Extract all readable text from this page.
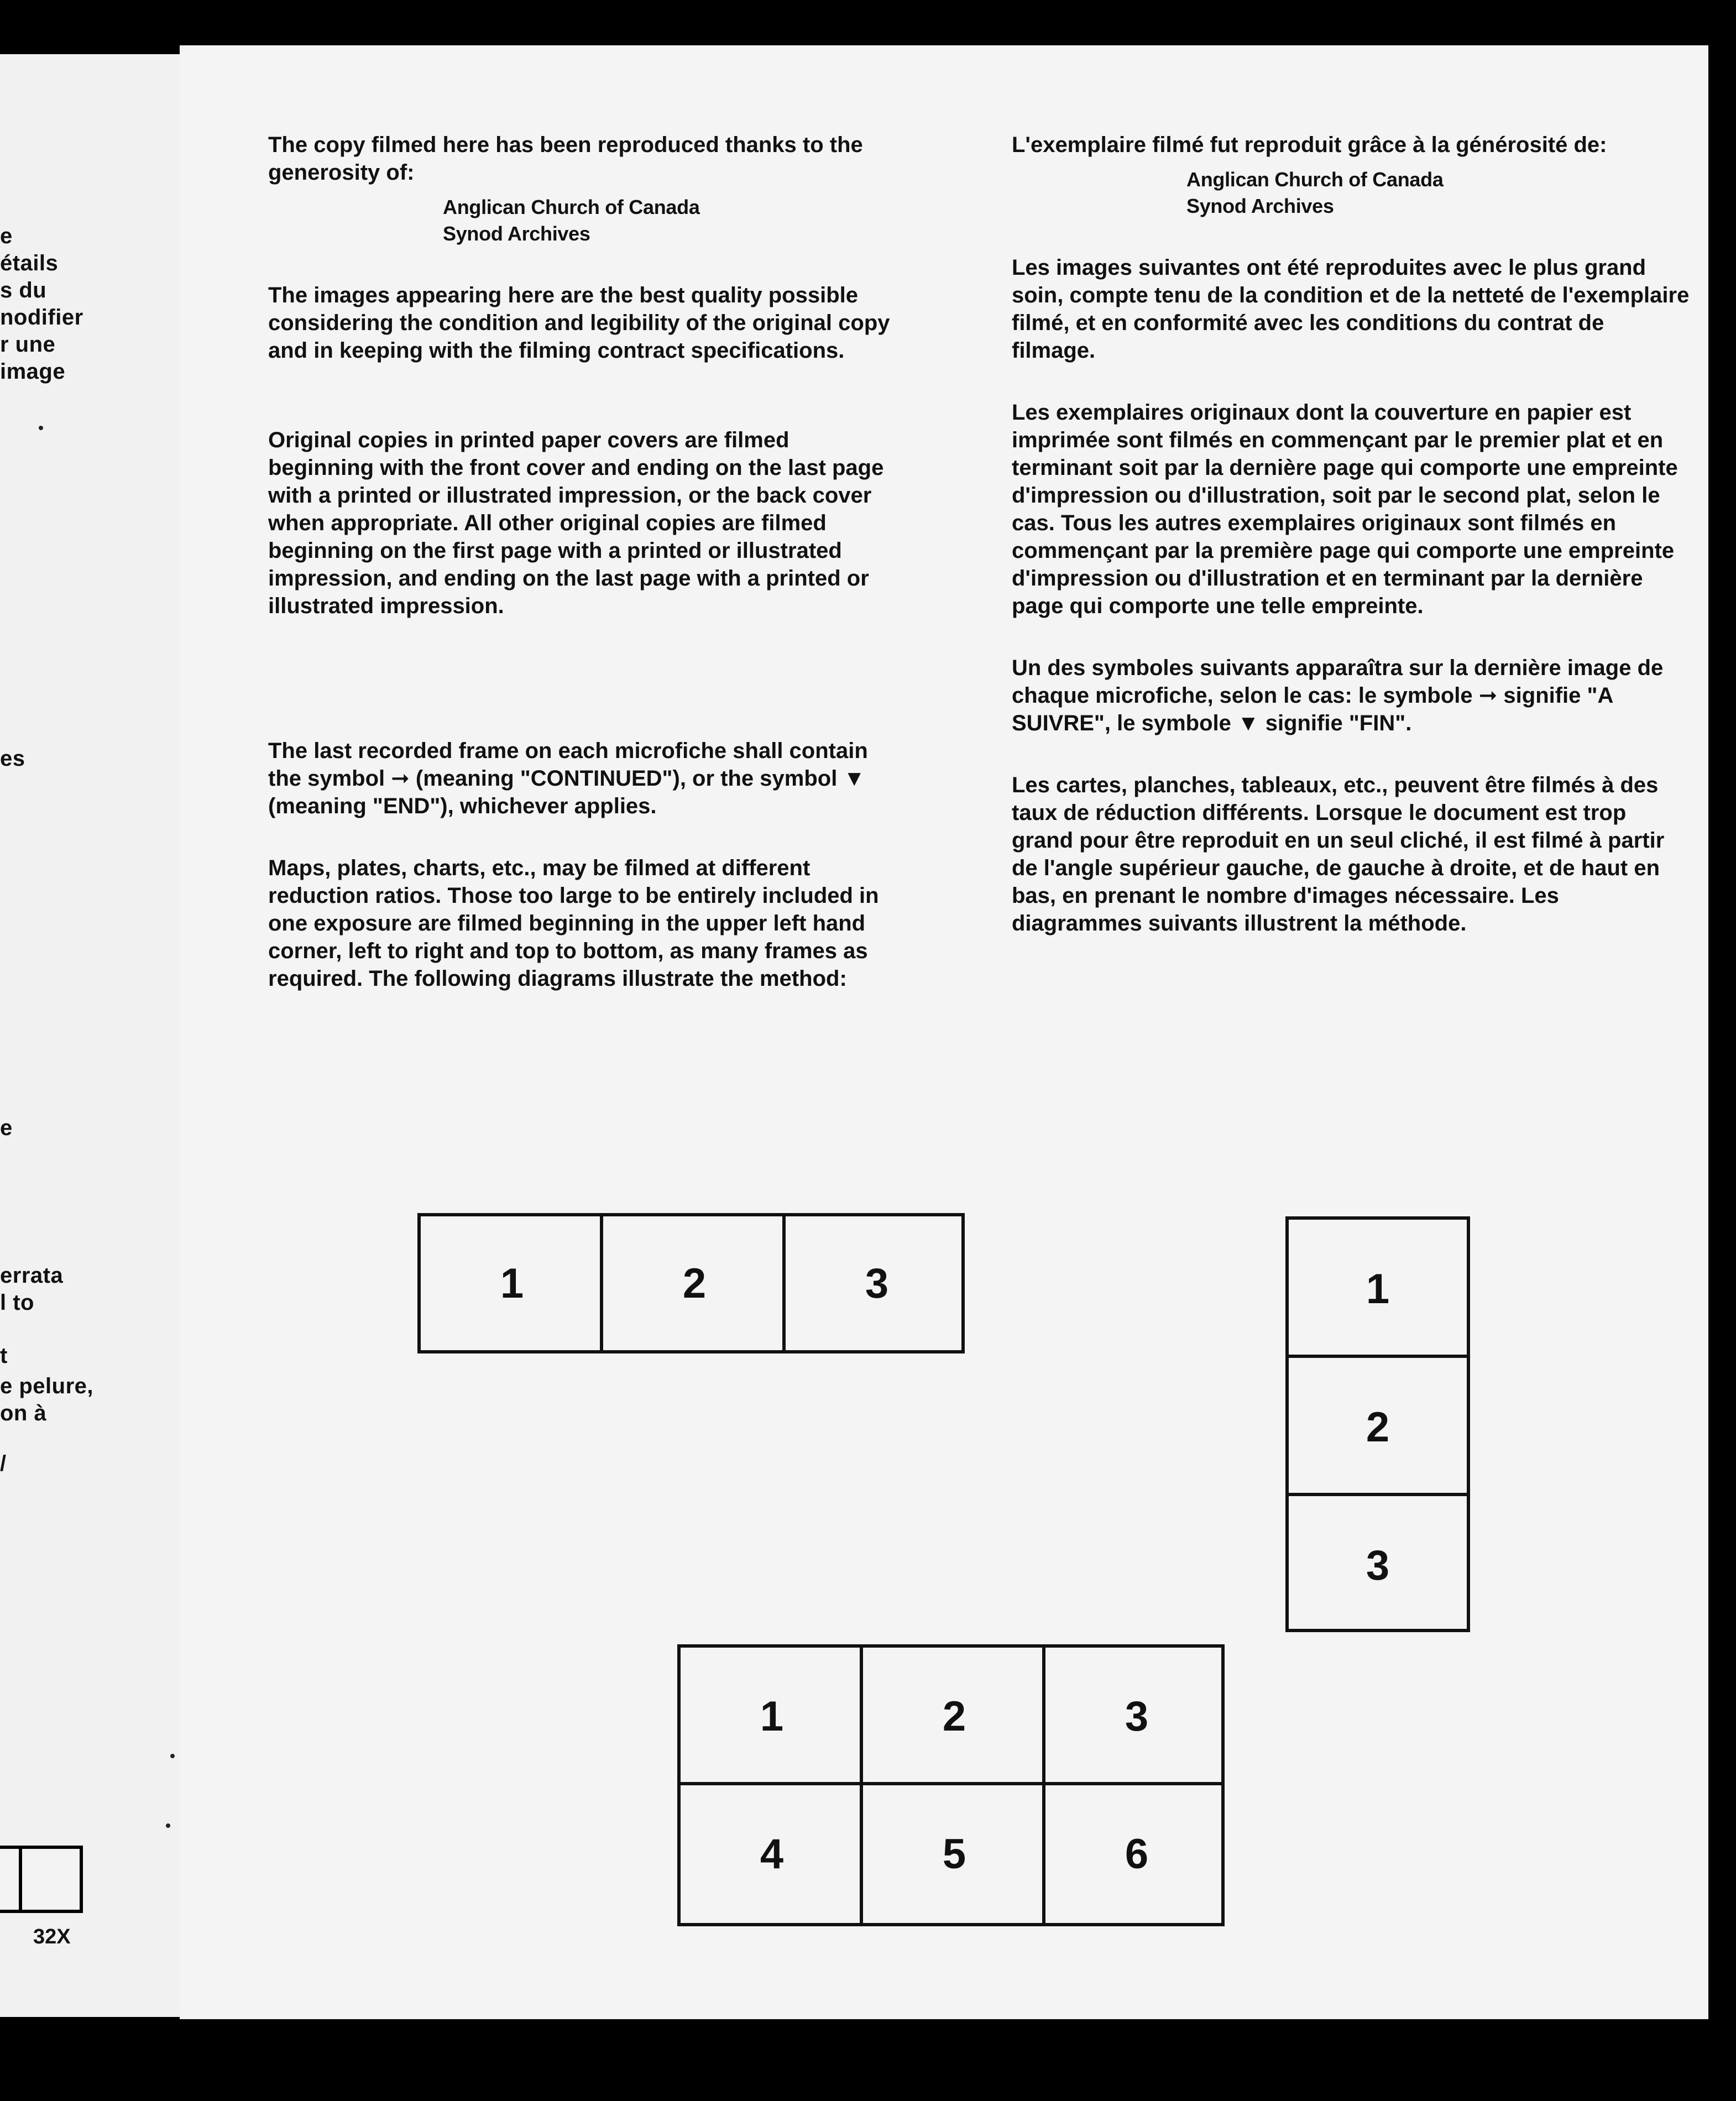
e
étails
s du
nodifier
r une
image
es
e
errata
l to
t
e pelure,
on à
/
32X

The copy filmed here has been reproduced thanks to the generosity of:

Anglican Church of Canada

Synod Archives

The images appearing here are the best quality possible considering the condition and legibility of the original copy and in keeping with the filming contract specifications.

Original copies in printed paper covers are filmed beginning with the front cover and ending on the last page with a printed or illustrated impression, or the back cover when appropriate. All other original copies are filmed beginning on the first page with a printed or illustrated impression, and ending on the last page with a printed or illustrated impression.

The last recorded frame on each microfiche shall contain the symbol ➞ (meaning "CONTINUED"), or the symbol ▼ (meaning "END"), whichever applies.

Maps, plates, charts, etc., may be filmed at different reduction ratios. Those too large to be entirely included in one exposure are filmed beginning in the upper left hand corner, left to right and top to bottom, as many frames as required. The following diagrams illustrate the method:

L'exemplaire filmé fut reproduit grâce à la générosité de:

Anglican Church of Canada

Synod Archives

Les images suivantes ont été reproduites avec le plus grand soin, compte tenu de la condition et de la netteté de l'exemplaire filmé, et en conformité avec les conditions du contrat de filmage.

Les exemplaires originaux dont la couverture en papier est imprimée sont filmés en commençant par le premier plat et en terminant soit par la dernière page qui comporte une empreinte d'impression ou d'illustration, soit par le second plat, selon le cas. Tous les autres exemplaires originaux sont filmés en commençant par la première page qui comporte une empreinte d'impression ou d'illustration et en terminant par la dernière page qui comporte une telle empreinte.

Un des symboles suivants apparaîtra sur la dernière image de chaque microfiche, selon le cas: le symbole ➞ signifie "A SUIVRE", le symbole ▼ signifie "FIN".

Les cartes, planches, tableaux, etc., peuvent être filmés à des taux de réduction différents. Lorsque le document est trop grand pour être reproduit en un seul cliché, il est filmé à partir de l'angle supérieur gauche, de gauche à droite, et de haut en bas, en prenant le nombre d'images nécessaire. Les diagrammes suivants illustrent la méthode.

1	2	3	1
2
3
1	2	3
4	5	6
